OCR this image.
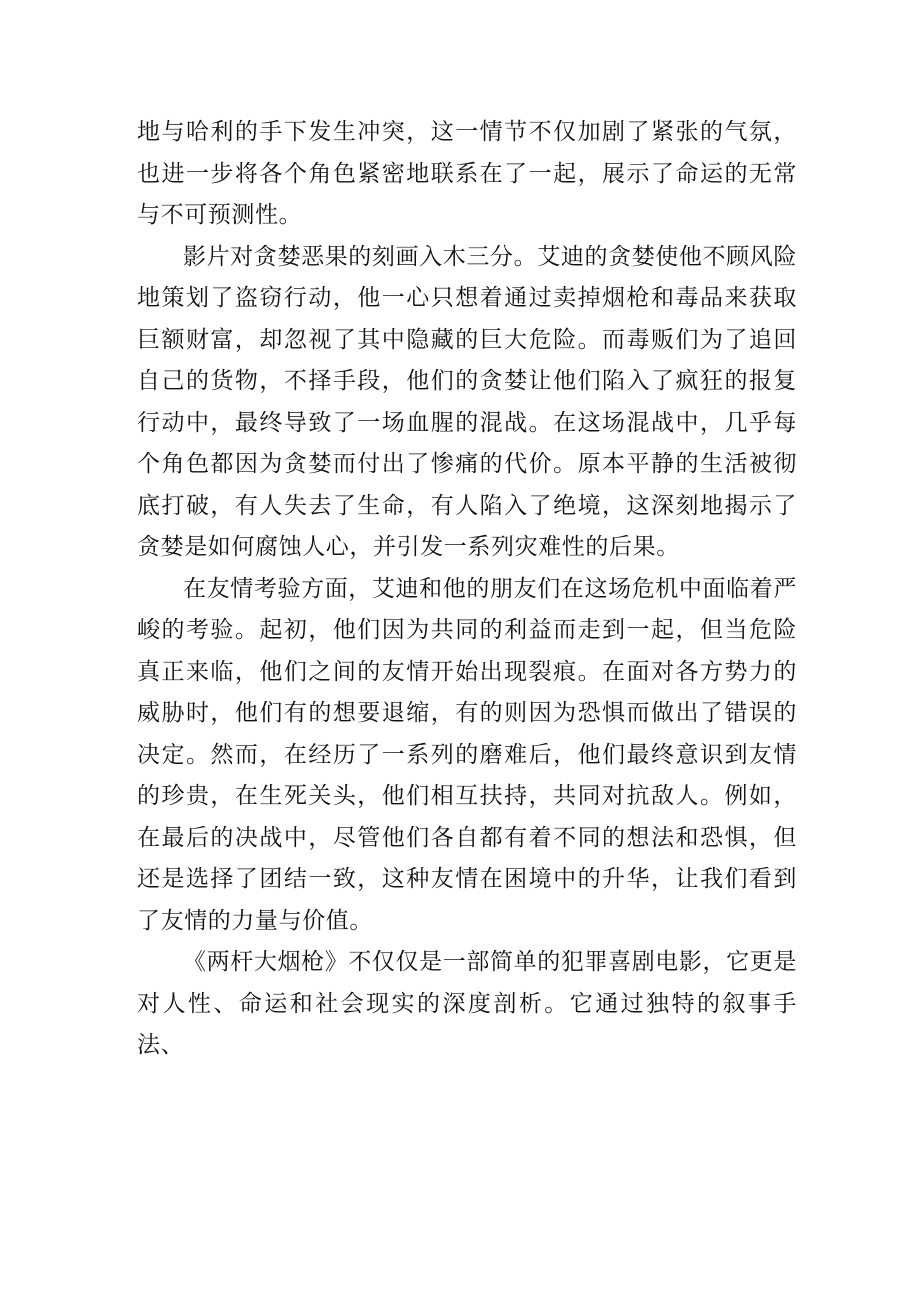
地与哈利的手下发生冲突，这一情节不仅加剧了紧张的气氛，也进一步将各个角色紧密地联系在了一起，展示了命运的无常与不可预测性。

影片对贪婪恶果的刻画入木三分。艾迪的贪婪使他不顾风险地策划了盗窃行动，他一心只想着通过卖掉烟枪和毒品来获取巨额财富，却忽视了其中隐藏的巨大危险。而毒贩们为了追回自己的货物，不择手段，他们的贪婪让他们陷入了疯狂的报复行动中，最终导致了一场血腥的混战。在这场混战中，几乎每个角色都因为贪婪而付出了惨痛的代价。原本平静的生活被彻底打破，有人失去了生命，有人陷入了绝境，这深刻地揭示了贪婪是如何腐蚀人心，并引发一系列灾难性的后果。

在友情考验方面，艾迪和他的朋友们在这场危机中面临着严峻的考验。起初，他们因为共同的利益而走到一起，但当危险真正来临，他们之间的友情开始出现裂痕。在面对各方势力的威胁时，他们有的想要退缩，有的则因为恐惧而做出了错误的决定。然而，在经历了一系列的磨难后，他们最终意识到友情的珍贵，在生死关头，他们相互扶持，共同对抗敌人。例如，在最后的决战中，尽管他们各自都有着不同的想法和恐惧，但还是选择了团结一致，这种友情在困境中的升华，让我们看到了友情的力量与价值。

《两杆大烟枪》不仅仅是一部简单的犯罪喜剧电影，它更是对人性、命运和社会现实的深度剖析。它通过独特的叙事手法、
